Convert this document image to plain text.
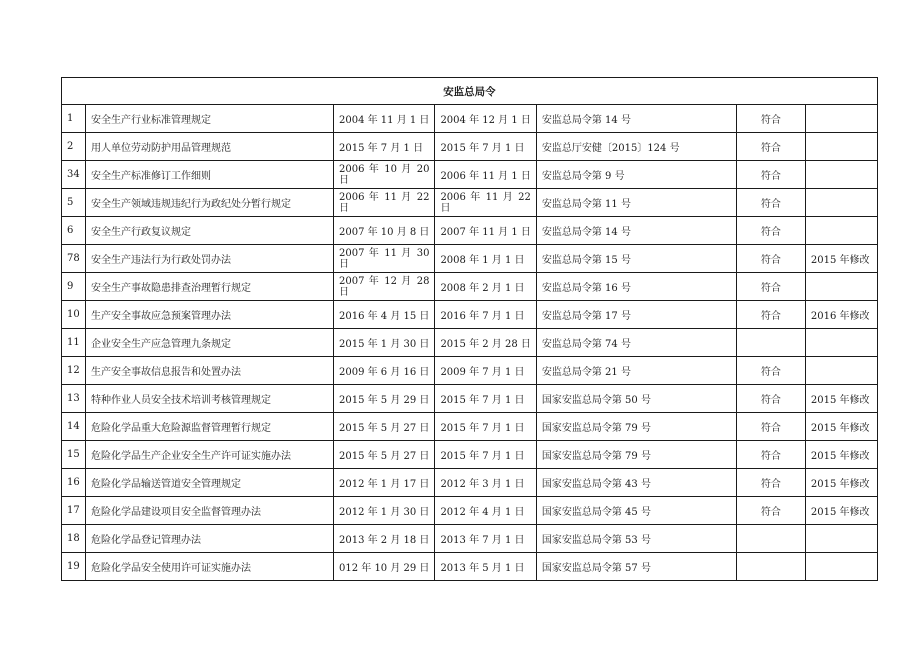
安监总局令						
1	安全生产行业标准管理规定	2004 年 11 月 1 日	2004 年 12 月 1 日	安监总局令第 14 号	符合	
2	用人单位劳动防护用品管理规范	2015 年 7 月 1 日	2015 年 7 月 1 日	安监总厅安健〔2015〕124 号	符合	
34	安全生产标准修订工作细则	2006 年 10 月 20 日	2006 年 11 月 1 日	安监总局令第 9 号	符合	
5	安全生产领域违规违纪行为政纪处分暂行规定	2006 年 11 月 22 日	2006 年 11 月 22 日	安监总局令第 11 号	符合	
6	安全生产行政复议规定	2007 年 10 月 8 日	2007 年 11 月 1 日	安监总局令第 14 号	符合	
78	安全生产违法行为行政处罚办法	2007 年 11 月 30 日	2008 年 1 月 1 日	安监总局令第 15 号	符合	2015 年修改
9	安全生产事故隐患排查治理暂行规定	2007 年 12 月 28 日	2008 年 2 月 1 日	安监总局令第 16 号	符合	
10	生产安全事故应急预案管理办法	2016 年 4 月 15 日	2016 年 7 月 1 日	安监总局令第 17 号	符合	2016 年修改
11	企业安全生产应急管理九条规定	2015 年 1 月 30 日	2015 年 2 月 28 日	安监总局令第 74 号		
12	生产安全事故信息报告和处置办法	2009 年 6 月 16 日	2009 年 7 月 1 日	安监总局令第 21 号	符合	
13	特种作业人员安全技术培训考核管理规定	2015 年 5 月 29 日	2015 年 7 月 1 日	国家安监总局令第 50 号	符合	2015 年修改
14	危险化学品重大危险源监督管理暂行规定	2015 年 5 月 27 日	2015 年 7 月 1 日	国家安监总局令第 79 号	符合	2015 年修改
15	危险化学品生产企业安全生产许可证实施办法	2015 年 5 月 27 日	2015 年 7 月 1 日	国家安监总局令第 79 号	符合	2015 年修改
16	危险化学品输送管道安全管理规定	2012 年 1 月 17 日	2012 年 3 月 1 日	国家安监总局令第 43 号	符合	2015 年修改
17	危险化学品建设项目安全监督管理办法	2012 年 1 月 30 日	2012 年 4 月 1 日	国家安监总局令第 45 号	符合	2015 年修改
18	危险化学品登记管理办法	2013 年 2 月 18 日	2013 年 7 月 1 日	国家安监总局令第 53 号		
19	危险化学品安全使用许可证实施办法	012 年 10 月 29 日	2013 年 5 月 1 日	国家安监总局令第 57 号		
